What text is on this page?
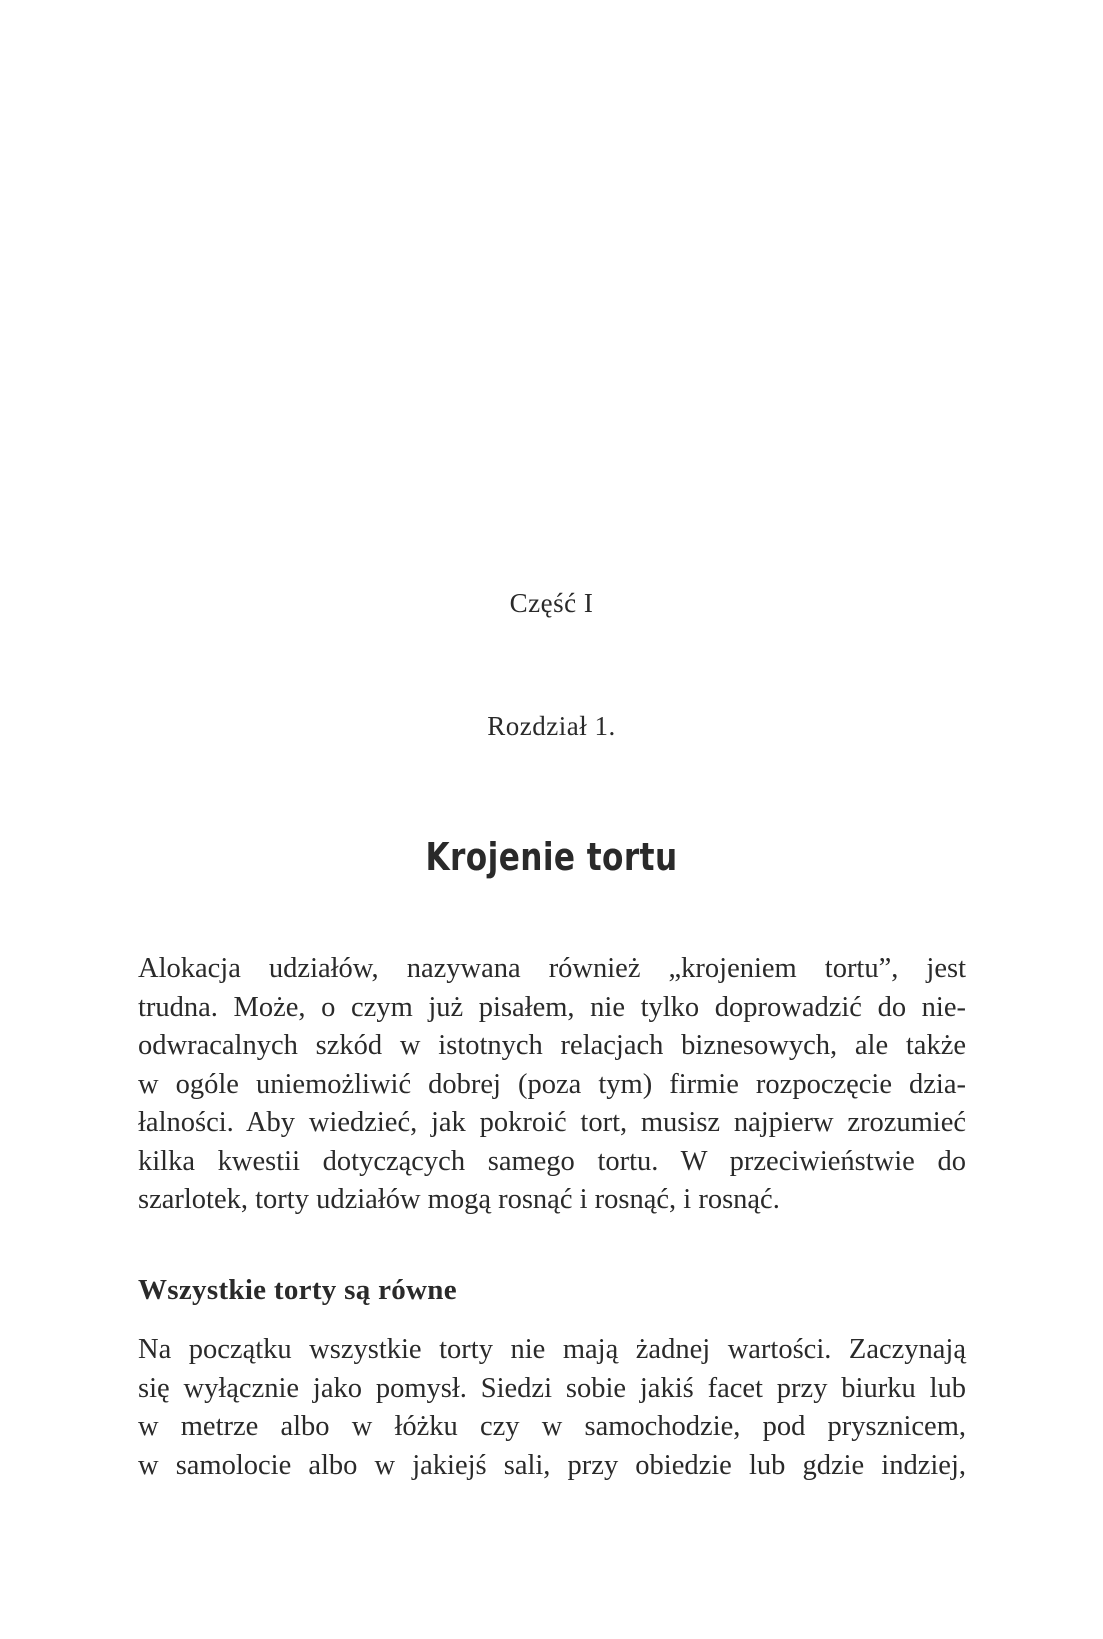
Część I

Rozdział 1.

Krojenie tortu
Alokacja udziałów, nazywana również „krojeniem tortu”, jest
trudna. Może, o czym już pisałem, nie tylko doprowadzić do nie-
odwracalnych szkód w istotnych relacjach biznesowych, ale także
w ogóle uniemożliwić dobrej (poza tym) firmie rozpoczęcie dzia-
łalności. Aby wiedzieć, jak pokroić tort, musisz najpierw zrozumieć
kilka kwestii dotyczących samego tortu. W przeciwieństwie do
szarlotek, torty udziałów mogą rosnąć i rosnąć, i rosnąć.
Wszystkie torty są równe
Na początku wszystkie torty nie mają żadnej wartości. Zaczynają
się wyłącznie jako pomysł. Siedzi sobie jakiś facet przy biurku lub
w metrze albo w łóżku czy w samochodzie, pod prysznicem,
w samolocie albo w jakiejś sali, przy obiedzie lub gdzie indziej,
